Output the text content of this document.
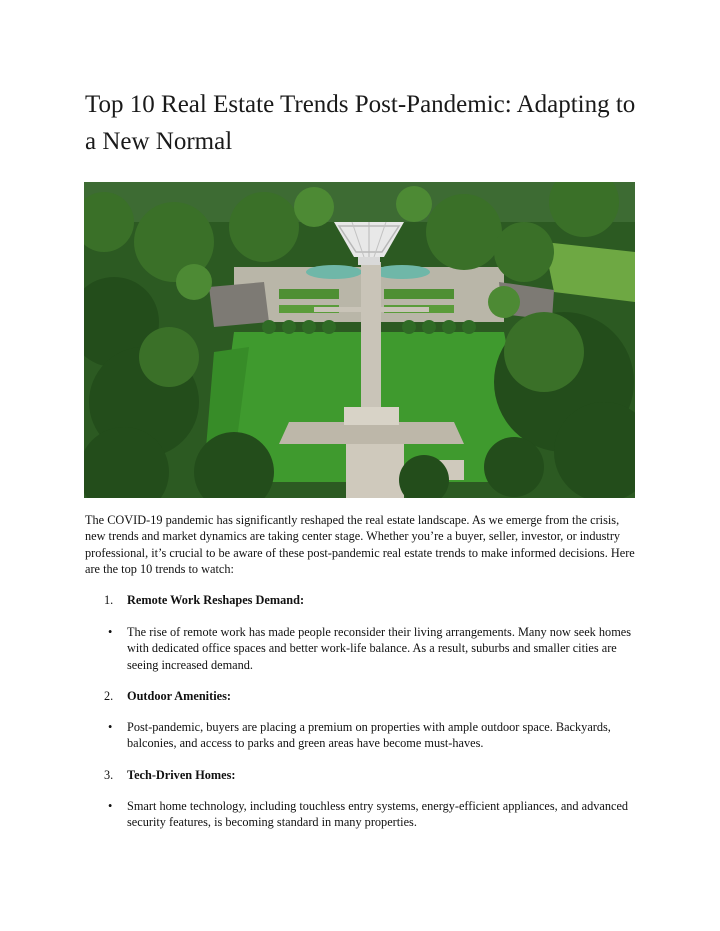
Top 10 Real Estate Trends Post-Pandemic: Adapting to a New Normal

The COVID-19 pandemic has significantly reshaped the real estate landscape. As we emerge from the crisis, new trends and market dynamics are taking center stage. Whether you’re a buyer, seller, investor, or industry professional, it’s crucial to be aware of these post-pandemic real estate trends to make informed decisions. Here are the top 10 trends to watch:

1.	Remote Work Reshapes Demand:
• The rise of remote work has made people reconsider their living arrangements. Many now seek homes with dedicated office spaces and better work-life balance. As a result, suburbs and smaller cities are seeing increased demand.
2.	Outdoor Amenities:
• Post-pandemic, buyers are placing a premium on properties with ample outdoor space. Backyards, balconies, and access to parks and green areas have become must-haves.
3.	Tech-Driven Homes:
• Smart home technology, including touchless entry systems, energy-efficient appliances, and advanced security features, is becoming standard in many properties.
